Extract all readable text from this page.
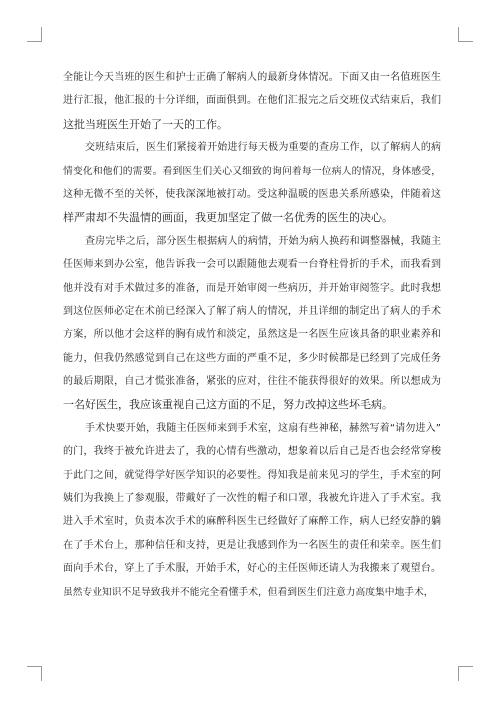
全能让今天当班的医生和护士正确了解病人的最新身体情况。下面又由一名值班医生
进行汇报，他汇报的十分详细，面面俱到。在他们汇报完之后交班仪式结束后，我们
这批当班医生开始了一天的工作。
交班结束后，医生们紧接着开始进行每天极为重要的查房工作，以了解病人的病
情变化和他们的需要。看到医生们关心又细致的询问着每一位病人的情况，身体感受，
这种无微不至的关怀，使我深深地被打动。受这种温暖的医患关系所感染，伴随着这
样严肃却不失温情的画面，我更加坚定了做一名优秀的医生的决心。
查房完毕之后，部分医生根据病人的病情，开始为病人换药和调整器械，我随主
任医师来到办公室，他告诉我一会可以跟随他去观看一台脊柱骨折的手术，而我看到
他并没有对手术做过多的准备，而是开始审阅一些病历，并开始审阅签字。此时我想
到这位医师必定在术前已经深入了解了病人的情况，并且详细的制定出了病人的手术
方案，所以他才会这样的胸有成竹和淡定，虽然这是一名医生应该具备的职业素养和
能力，但我仍然感觉到自己在这些方面的严重不足，多少时候都是已经到了完成任务
的最后期限，自己才慌张准备，紧张的应对，往往不能获得很好的效果。所以想成为
一名好医生，我应该重视自己这方面的不足，努力改掉这些坏毛病。
手术快要开始，我随主任医师来到手术室，这扇有些神秘，赫然写着“请勿进入”
的门，我终于被允许进去了，我的心情有些激动，想象着以后自己是否也会经常穿梭
于此门之间，就觉得学好医学知识的必要性。得知我是前来见习的学生，手术室的阿
姨们为我换上了参观服，带戴好了一次性的帽子和口罩，我被允许进入了手术室。我
进入手术室时，负责本次手术的麻醉科医生已经做好了麻醉工作，病人已经安静的躺
在了手术台上，那种信任和支持，更是让我感到作为一名医生的责任和荣幸。医生们
面向手术台，穿上了手术服，开始手术，好心的主任医师还请人为我搬来了观望台。
虽然专业知识不足导致我并不能完全看懂手术，但看到医生们注意力高度集中地手术，
